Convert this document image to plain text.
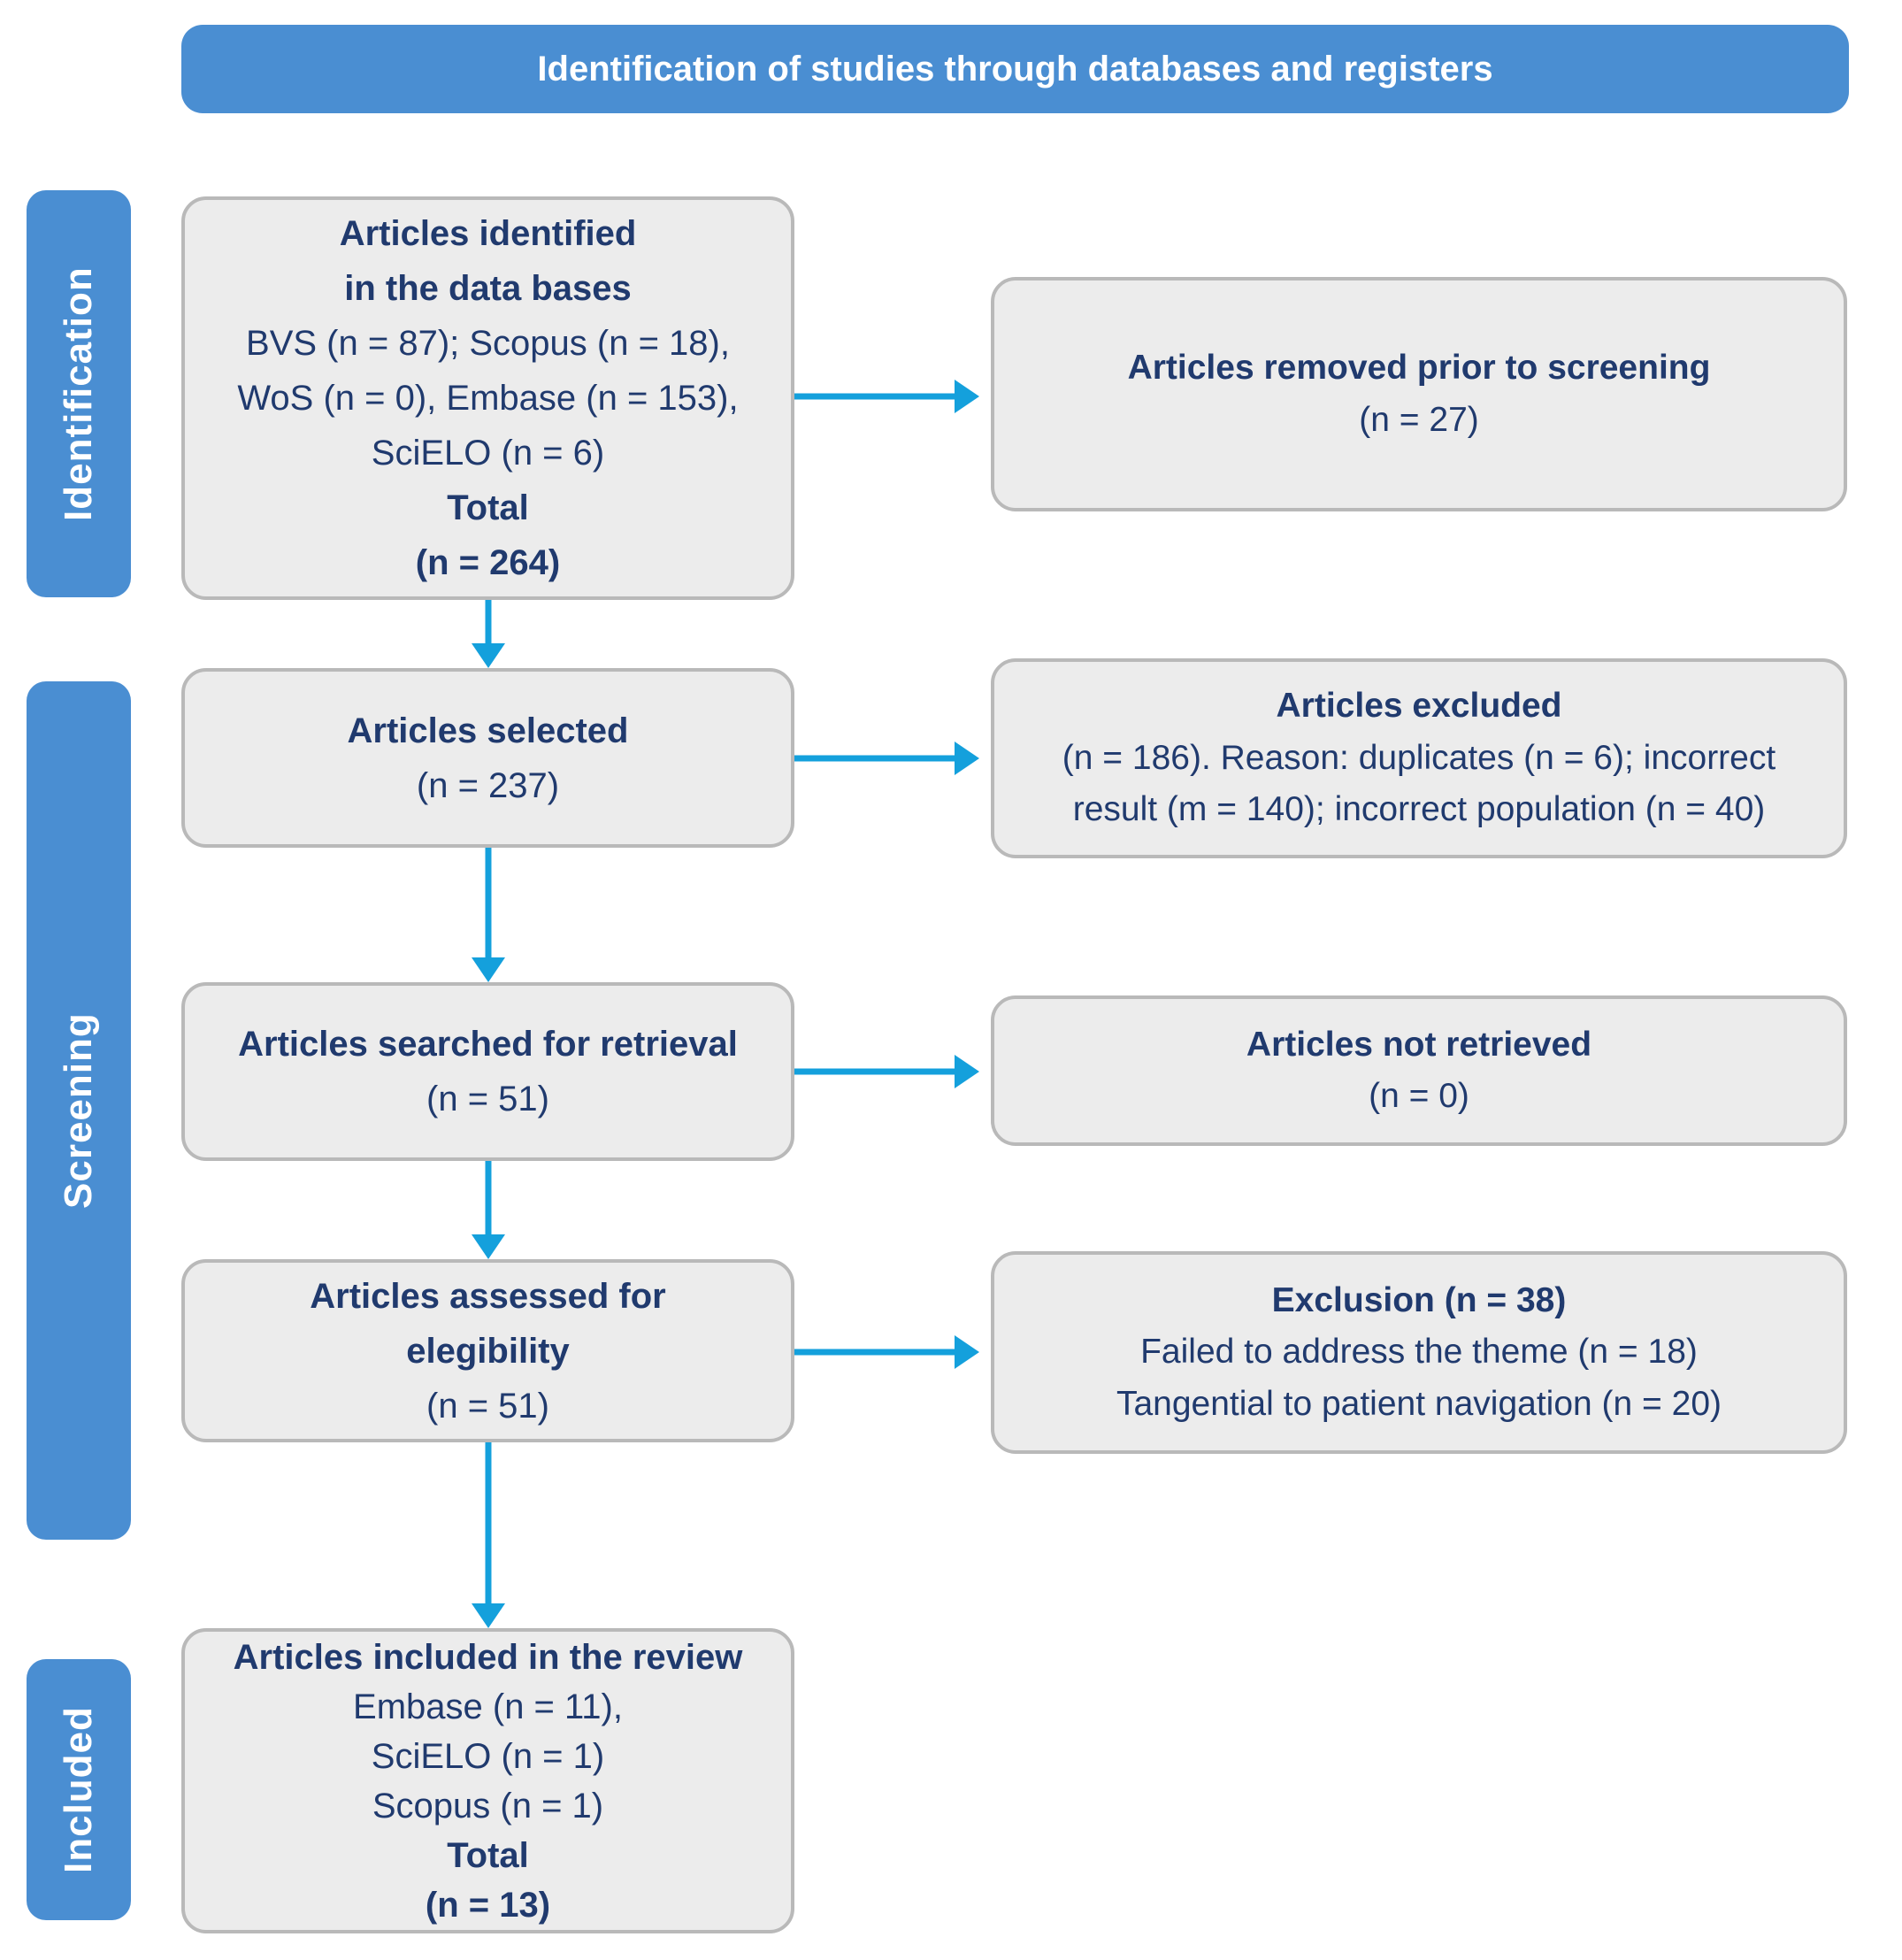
Identification of studies through databases and registers
Identification
Screening
Included
Articles identified
in the data bases
BVS (n = 87); Scopus (n = 18),
WoS (n = 0), Embase (n = 153),
SciELO (n = 6)
Total
(n = 264)
Articles removed prior to screening
(n = 27)
Articles selected
(n = 237)
Articles excluded
(n = 186). Reason: duplicates (n = 6); incorrect
result (m = 140); incorrect population (n = 40)
Articles searched for retrieval
(n = 51)
Articles not retrieved
(n = 0)
Articles assessed for
elegibility
(n = 51)
Exclusion (n = 38)
Failed to address the theme (n = 18)
Tangential to patient navigation (n = 20)
Articles included in the review
Embase (n = 11),
SciELO (n = 1)
Scopus (n = 1)
Total
(n = 13)
